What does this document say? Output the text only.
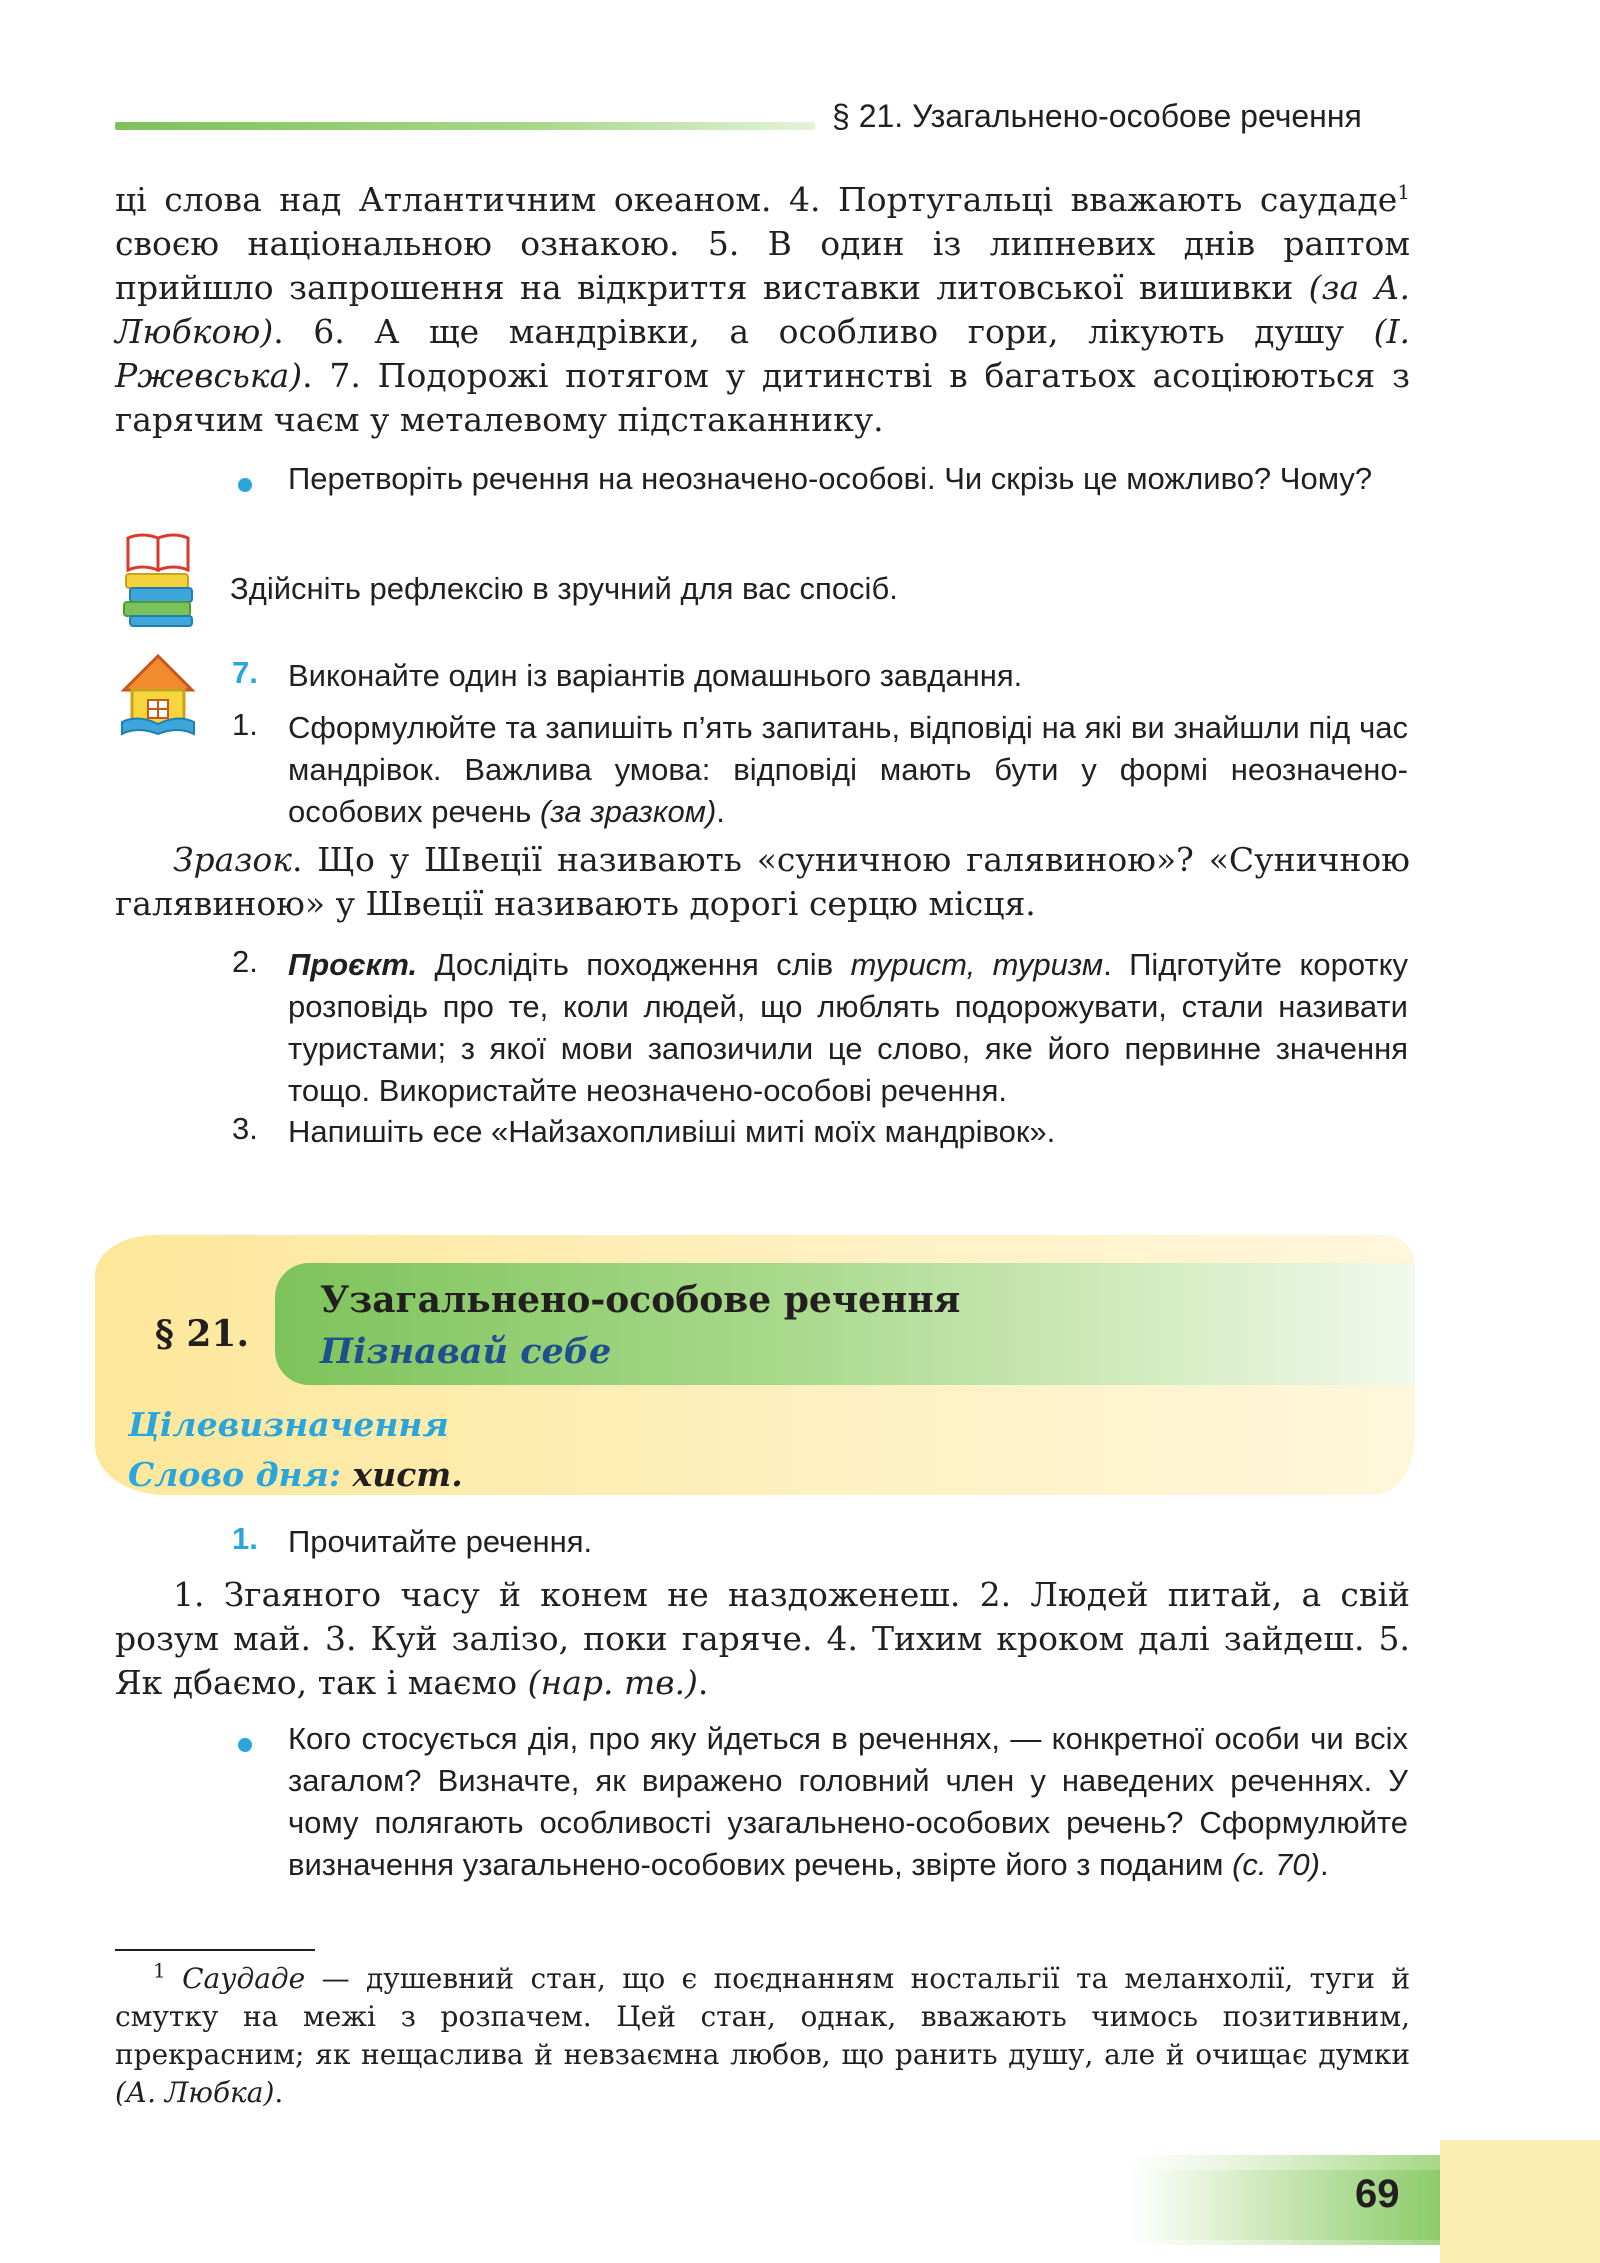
§ 21. Узагальнено-особове речення

ці слова над Атлантичним океаном. 4. Португальці вважають саудаде$^1$ своєю національною ознакою. 5. В один із липневих днів раптом прийшло запрошення на відкриття виставки литовської вишивки (за А. Любкою). 6. А ще мандрівки, а особливо гори, лікують душу (І. Ржевська). 7. Подорожі потягом у дитинстві в багатьох асоціюються з гарячим чаєм у металевому підстаканнику.

Перетворіть речення на неозначено-особові. Чи скрізь це можливо? Чому?

Здійсніть рефлексію в зручний для вас спосіб.

7. Виконайте один із варіантів домашнього завдання.

1. Сформулюйте та запишіть п’ять запитань, відповіді на які ви знайшли під час мандрівок. Важлива умова: відповіді мають бути у формі неозначено-особових речень (за зразком).

Зразок. Що у Швеції називають «суничною галявиною»? «Суничною галявиною» у Швеції називають дорогі серцю місця.

2. Проєкт. Дослідіть походження слів турист, туризм. Підготуйте коротку розповідь про те, коли людей, що люблять подорожувати, стали називати туристами; з якої мови запозичили це слово, яке його первинне значення тощо. Використайте неозначено-особові речення.

3. Напишіть есе «Найзахопливіші миті моїх мандрівок».

§ 21.
Узагальнено-особове речення
Пізнавай себе
Цілевизначення
Слово дня: хист.
1. Прочитайте речення.

1. Згаяного часу й конем не наздоженеш. 2. Людей питай, а свій розум май. 3. Куй залізо, поки гаряче. 4. Тихим кроком далі зайдеш. 5. Як дбаємо, так і маємо (нар. тв.).

Кого стосується дія, про яку йдеться в реченнях, — конкретної особи чи всіх загалом? Визначте, як виражено головний член у наведених реченнях. У чому полягають особливості узагальнено-особових речень? Сформулюйте визначення узагальнено-особових речень, звірте його з поданим (с. 70).

$^1$ Саудаде — душевний стан, що є поєднанням ностальгії та меланхолії, туги й смутку на межі з розпачем. Цей стан, однак, вважають чимось позитивним, прекрасним; як нещаслива й невзаємна любов, що ранить душу, але й очищає думки (А. Любка).

69
